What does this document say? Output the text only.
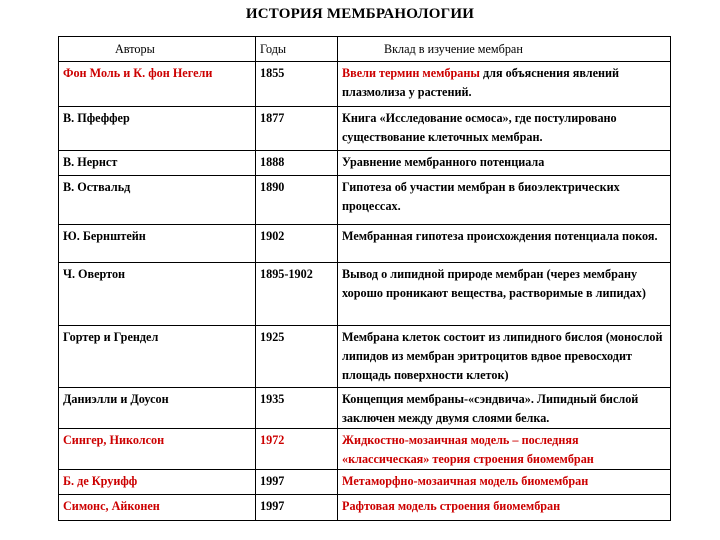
ИСТОРИЯ МЕМБРАНОЛОГИИ
Авторы	Годы	Вклад в изучение мембран
Фон Моль и К. фон Негели	1855	Ввели термин мембраны для объяснения явлений плазмолиза у растений.
В. Пфеффер	1877	Книга «Исследование осмоса», где постулировано существование клеточных мембран.
В. Нернст	1888	Уравнение мембранного потенциала
В. Оствальд	1890	Гипотеза об участии мембран в биоэлектрических процессах.
Ю. Бернштейн	1902	Мембранная гипотеза происхождения потенциала покоя.
Ч. Овертон	1895-1902	Вывод о липидной природе мембран (через мембрану хорошо проникают вещества, растворимые в липидах)
Гортер и Грендел	1925	Мембрана клеток состоит из липидного бислоя (монослой липидов из мембран эритроцитов вдвое превосходит площадь поверхности клеток)
Даниэлли и Доусон	1935	Концепция мембраны-«сэндвича». Липидный бислой заключен между двумя слоями белка.
Сингер, Николсон	1972	Жидкостно-мозаичная модель – последняя «классическая» теория строения биомембран
Б. де Круифф	1997	Метаморфно-мозаичная модель биомембран
Симонс, Айконен	1997	Рафтовая модель строения биомембран
